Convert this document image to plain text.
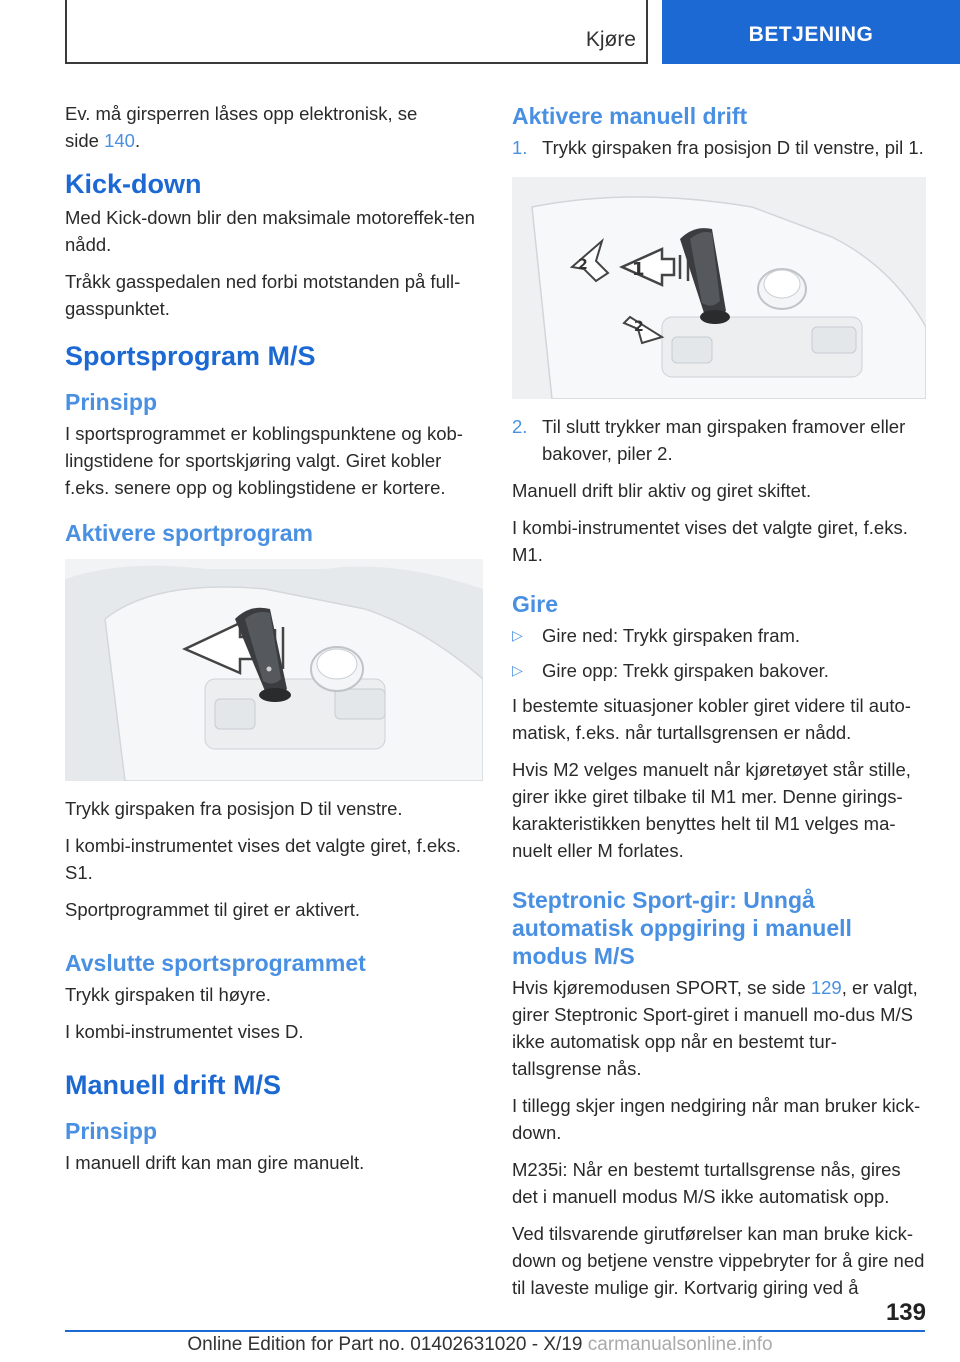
Kjøre	BETJENING

Ev. må girsperren låses opp elektronisk, se
side 140.

Kick-down

Med Kick-down blir den maksimale motoreffek-ten nådd.

Tråkk gasspedalen ned forbi motstanden på full-gasspunktet.

Sportsprogram M/S
Prinsipp

I sportsprogrammet er koblingspunktene og kob-lingstidene for sportskjøring valgt. Giret kobler f.eks. senere opp og koblingstidene er kortere.

Aktivere sportprogram

Trykk girspaken fra posisjon D til venstre.

I kombi-instrumentet vises det valgte giret, f.eks. S1.

Sportprogrammet til giret er aktivert.

Avslutte sportsprogrammet

Trykk girspaken til høyre.

I kombi-instrumentet vises D.

Manuell drift M/S
Prinsipp

I manuell drift kan man gire manuelt.

Aktivere manuell drift
1. Trykk girspaken fra posisjon D til venstre, pil 1.
1
2
2
2. Til slutt trykker man girspaken framover eller bakover, piler 2.

Manuell drift blir aktiv og giret skiftet.

I kombi-instrumentet vises det valgte giret, f.eks. M1.

Gire
▷	Gire ned: Trykk girspaken fram.
▷	Gire opp: Trekk girspaken bakover.

I bestemte situasjoner kobler giret videre til auto-matisk, f.eks. når turtallsgrensen er nådd.

Hvis M2 velges manuelt når kjøretøyet står stille, girer ikke giret tilbake til M1 mer. Denne girings-karakteristikken benyttes helt til M1 velges ma-nuelt eller M forlates.

Steptronic Sport-gir: Unngå automatisk oppgiring i manuell modus M/S

Hvis kjøremodusen SPORT, se side 129, er valgt, girer Steptronic Sport-giret i manuell mo-dus M/S ikke automatisk opp når en bestemt tur-tallsgrense nås.

I tillegg skjer ingen nedgiring når man bruker kick-down.

M235i: Når en bestemt turtallsgrense nås, gires det i manuell modus M/S ikke automatisk opp.

Ved tilsvarende girutførelser kan man bruke kick-down og betjene venstre vippebryter for å gire ned til laveste mulige gir. Kortvarig giring ved å

139
Online Edition for Part no. 01402631020 - X/19 carmanualsonline.info
